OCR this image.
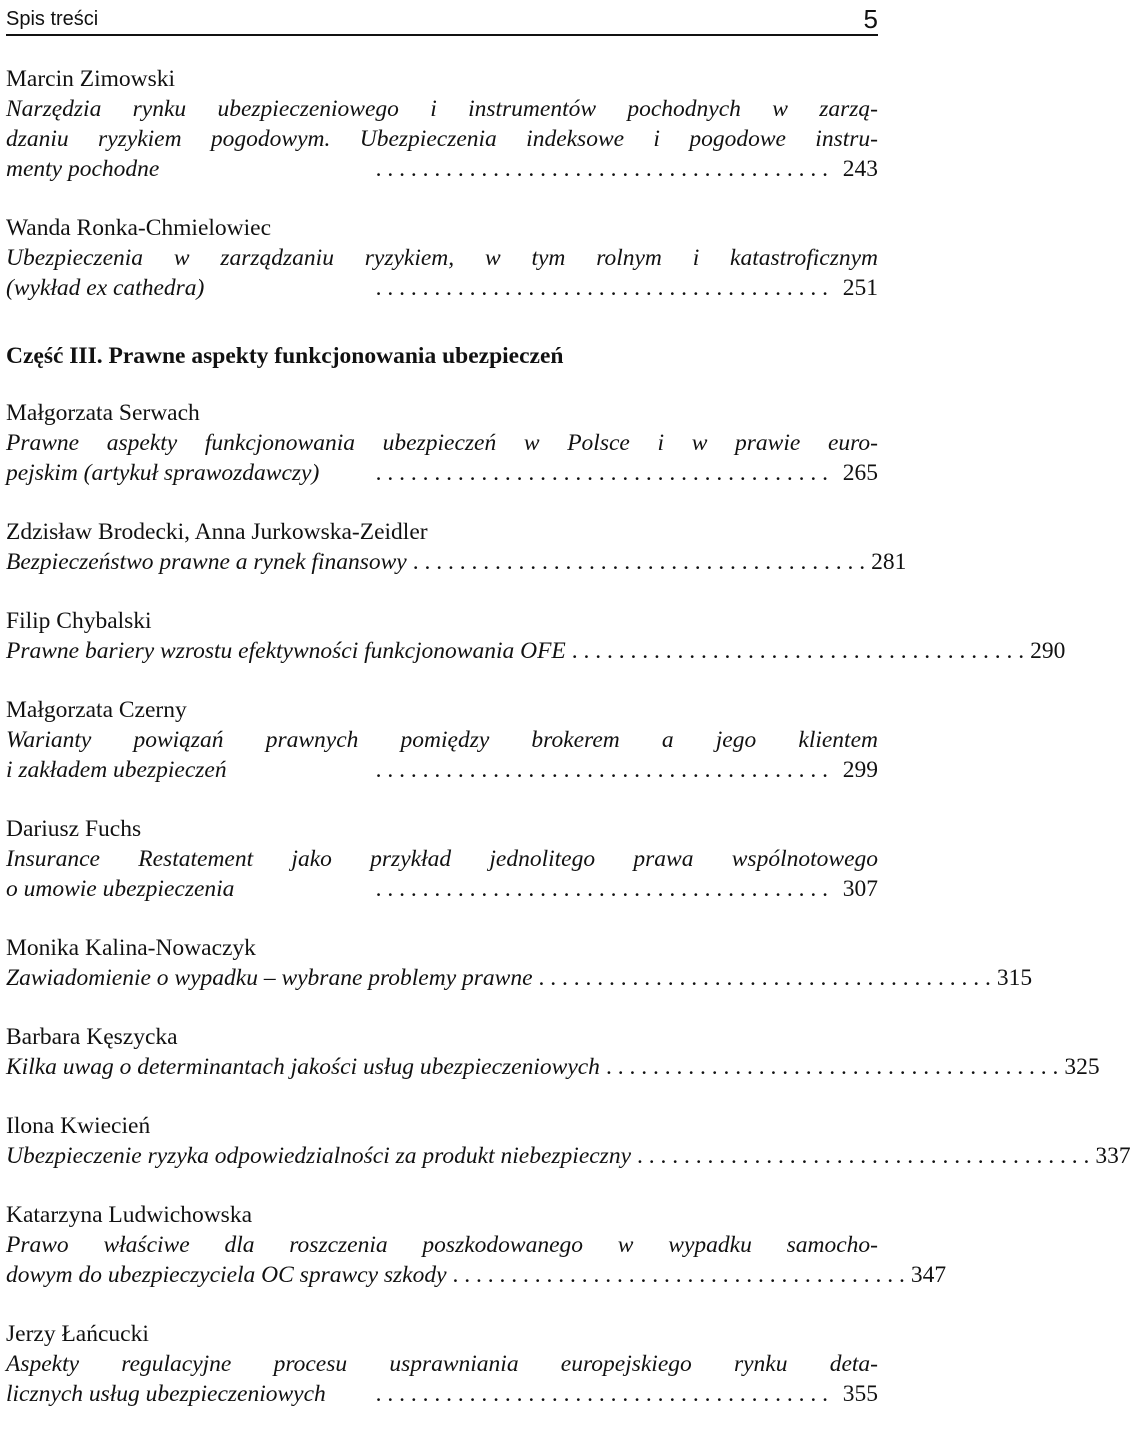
Spis treści	5
Marcin Zimowski
Narzędzia rynku ubezpieczeniowego i instrumentów pochodnych w zarzą-
dzaniu ryzykiem pogodowym. Ubezpieczenia indeksowe i pogodowe instru-
menty pochodne	. . . . . . . . . . . . . . . . . . . . . . . . . . . . . . . . . . . . . . . 243
Wanda Ronka-Chmielowiec
Ubezpieczenia w zarządzaniu ryzykiem, w tym rolnym i katastroficznym
(wykład ex cathedra)	. . . . . . . . . . . . . . . . . . . . . . . . . . . . . . . . . . . . . . . 251
Część III. Prawne aspekty funkcjonowania ubezpieczeń
Małgorzata Serwach
Prawne aspekty funkcjonowania ubezpieczeń w Polsce i w prawie euro-
pejskim (artykuł sprawozdawczy)	. . . . . . . . . . . . . . . . . . . . . . . . . . . . . . . . . . . . . . . 265
Zdzisław Brodecki, Anna Jurkowska-Zeidler
Bezpieczeństwo prawne a rynek finansowy . . . . . . . . . . . . . . . . . . . . . . . . . . . . . . . . . . . . . . . 281
Filip Chybalski
Prawne bariery wzrostu efektywności funkcjonowania OFE . . . . . . . . . . . . . . . . . . . . . . . . . . . . . . . . . . . . . . . 290
Małgorzata Czerny
Warianty powiązań prawnych pomiędzy brokerem a jego klientem
i zakładem ubezpieczeń	. . . . . . . . . . . . . . . . . . . . . . . . . . . . . . . . . . . . . . . 299
Dariusz Fuchs
Insurance Restatement jako przykład jednolitego prawa wspólnotowego
o umowie ubezpieczenia	. . . . . . . . . . . . . . . . . . . . . . . . . . . . . . . . . . . . . . . 307
Monika Kalina-Nowaczyk
Zawiadomienie o wypadku – wybrane problemy prawne . . . . . . . . . . . . . . . . . . . . . . . . . . . . . . . . . . . . . . . 315
Barbara Kęszycka
Kilka uwag o determinantach jakości usług ubezpieczeniowych . . . . . . . . . . . . . . . . . . . . . . . . . . . . . . . . . . . . . . . 325
Ilona Kwiecień
Ubezpieczenie ryzyka odpowiedzialności za produkt niebezpieczny . . . . . . . . . . . . . . . . . . . . . . . . . . . . . . . . . . . . . . . 337
Katarzyna Ludwichowska
Prawo właściwe dla roszczenia poszkodowanego w wypadku samocho-
dowym do ubezpieczyciela OC sprawcy szkody . . . . . . . . . . . . . . . . . . . . . . . . . . . . . . . . . . . . . . . 347
Jerzy Łańcucki
Aspekty regulacyjne procesu usprawniania europejskiego rynku deta-
licznych usług ubezpieczeniowych	. . . . . . . . . . . . . . . . . . . . . . . . . . . . . . . . . . . . . . . 355
